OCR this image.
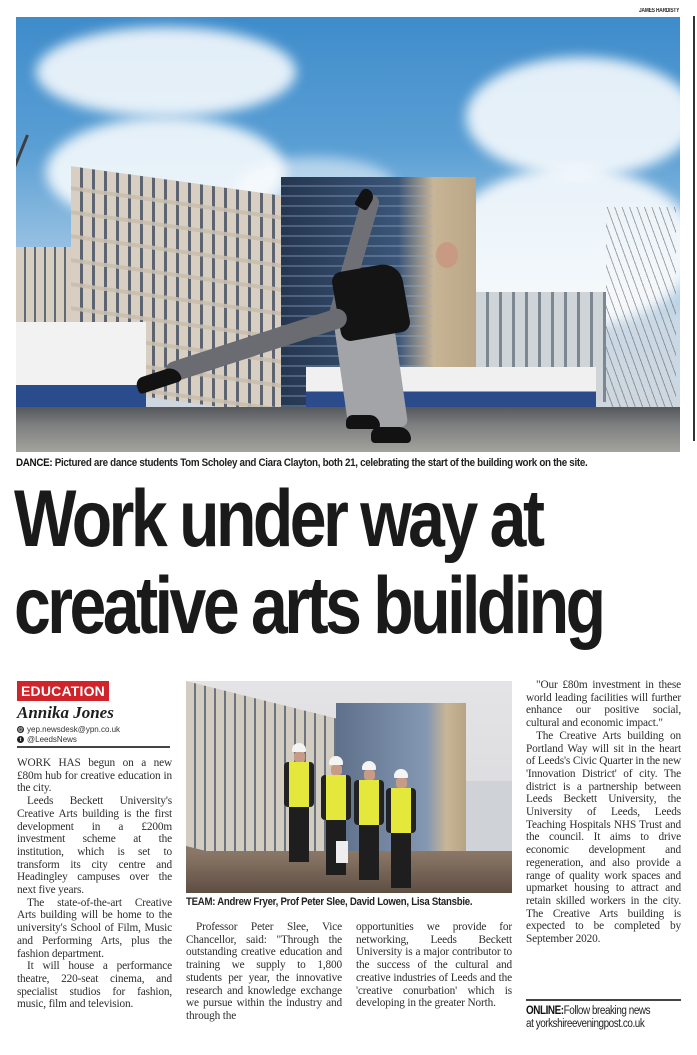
JAMES HARDISTY
DANCE: Pictured are dance students Tom Scholey and Ciara Clayton, both 21, celebrating the start of the building work on the site.
Work under way at
creative arts building
EDUCATION
Annika Jones
@ yep.newsdesk@ypn.co.uk
t @LeedsNews

WORK HAS begun on a new £80m hub for creative education in the city.

Leeds Beckett University's Creative Arts building is the first development in a £200m investment scheme at the institution, which is set to transform its city centre and Headingley campuses over the next five years.

The state-of-the-art Creative Arts building will be home to the university's School of Film, Music and Performing Arts, plus the fashion department.

It will house a performance theatre, 220-seat cinema, and specialist studios for fashion, music, film and television.

TEAM: Andrew Fryer, Prof Peter Slee, David Lowen, Lisa Stansbie.

Professor Peter Slee, Vice Chancellor, said: "Through the outstanding creative education and training we supply to 1,800 students per year, the innovative research and knowledge exchange we pursue within the industry and through the

opportunities we provide for networking, Leeds Beckett University is a major contributor to the success of the cultural and creative industries of Leeds and the 'creative conurbation' which is developing in the greater North.

"Our £80m investment in these world leading facilities will further enhance our positive social, cultural and economic impact."

The Creative Arts building on Portland Way will sit in the heart of Leeds's Civic Quarter in the new 'Innovation District' of city. The district is a partnership between Leeds Beckett University, the University of Leeds, Leeds Teaching Hospitals NHS Trust and the council. It aims to drive economic development and regeneration, and also provide a range of quality work spaces and upmarket housing to attract and retain skilled workers in the city. The Creative Arts building is expected to be completed by September 2020.

ONLINE:Follow breaking news
at yorkshireeveningpost.co.uk
